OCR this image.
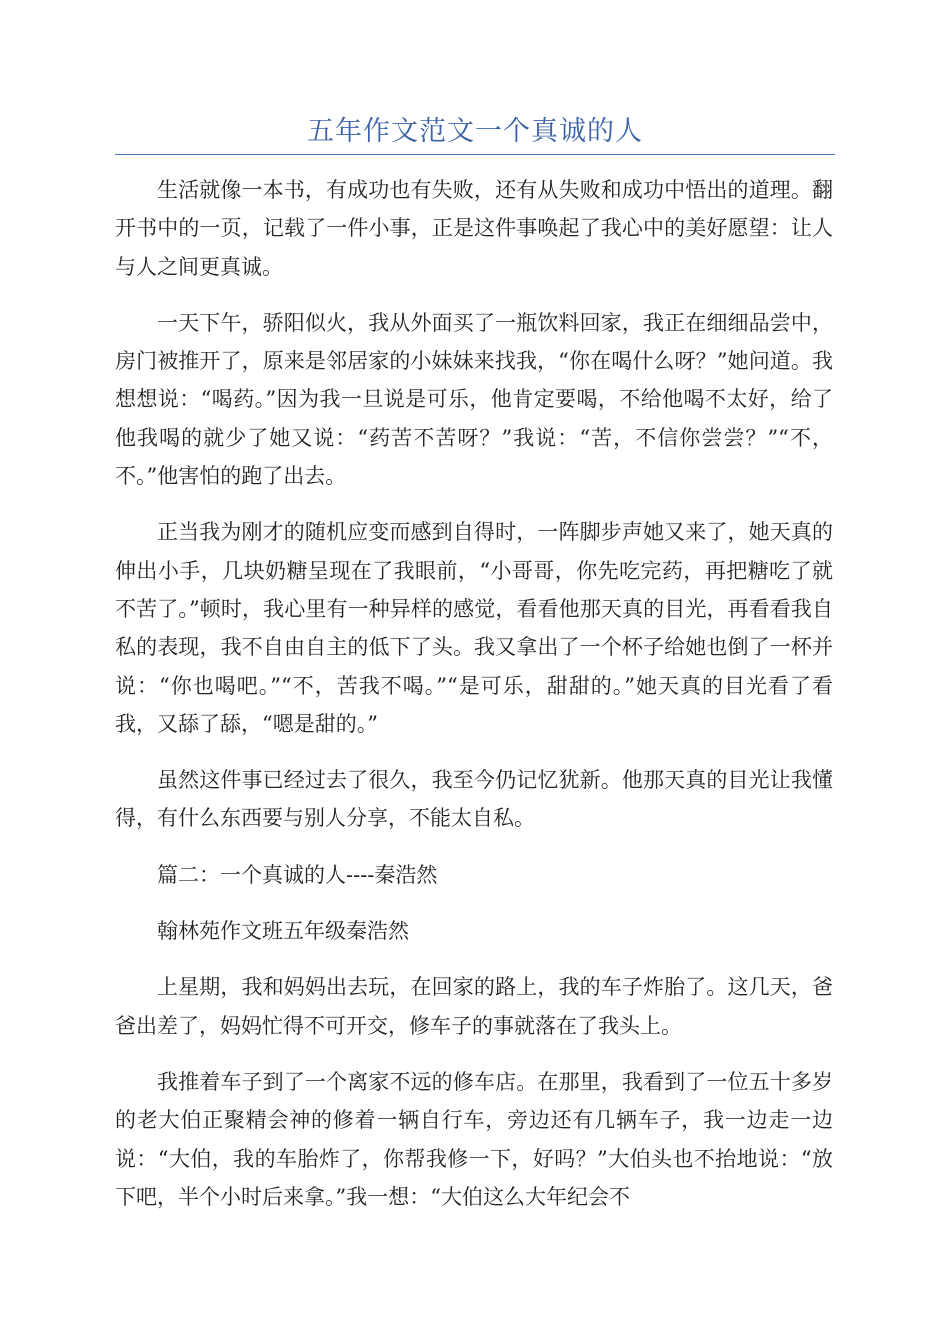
五年作文范文一个真诚的人

生活就像一本书，有成功也有失败，还有从失败和成功中悟出的道理。翻开书中的一页，记载了一件小事，正是这件事唤起了我心中的美好愿望：让人与人之间更真诚。

一天下午，骄阳似火，我从外面买了一瓶饮料回家，我正在细细品尝中，房门被推开了，原来是邻居家的小妹妹来找我，“你在喝什么呀？”她问道。我想想说：“喝药。”因为我一旦说是可乐，他肯定要喝，不给他喝不太好，给了他我喝的就少了她又说：“药苦不苦呀？”我说：“苦，不信你尝尝？”“不，不。”他害怕的跑了出去。

正当我为刚才的随机应变而感到自得时，一阵脚步声她又来了，她天真的伸出小手，几块奶糖呈现在了我眼前，“小哥哥，你先吃完药，再把糖吃了就不苦了。”顿时，我心里有一种异样的感觉，看看他那天真的目光，再看看我自私的表现，我不自由自主的低下了头。我又拿出了一个杯子给她也倒了一杯并说：“你也喝吧。”“不，苦我不喝。”“是可乐，甜甜的。”她天真的目光看了看我，又舔了舔，“嗯是甜的。”

虽然这件事已经过去了很久，我至今仍记忆犹新。他那天真的目光让我懂得，有什么东西要与别人分享，不能太自私。

篇二：一个真诚的人----秦浩然

翰林苑作文班五年级秦浩然

上星期，我和妈妈出去玩，在回家的路上，我的车子炸胎了。这几天，爸爸出差了，妈妈忙得不可开交，修车子的事就落在了我头上。

我推着车子到了一个离家不远的修车店。在那里，我看到了一位五十多岁的老大伯正聚精会神的修着一辆自行车，旁边还有几辆车子，我一边走一边说：“大伯，我的车胎炸了，你帮我修一下，好吗？”大伯头也不抬地说：“放下吧，半个小时后来拿。”我一想：“大伯这么大年纪会不
